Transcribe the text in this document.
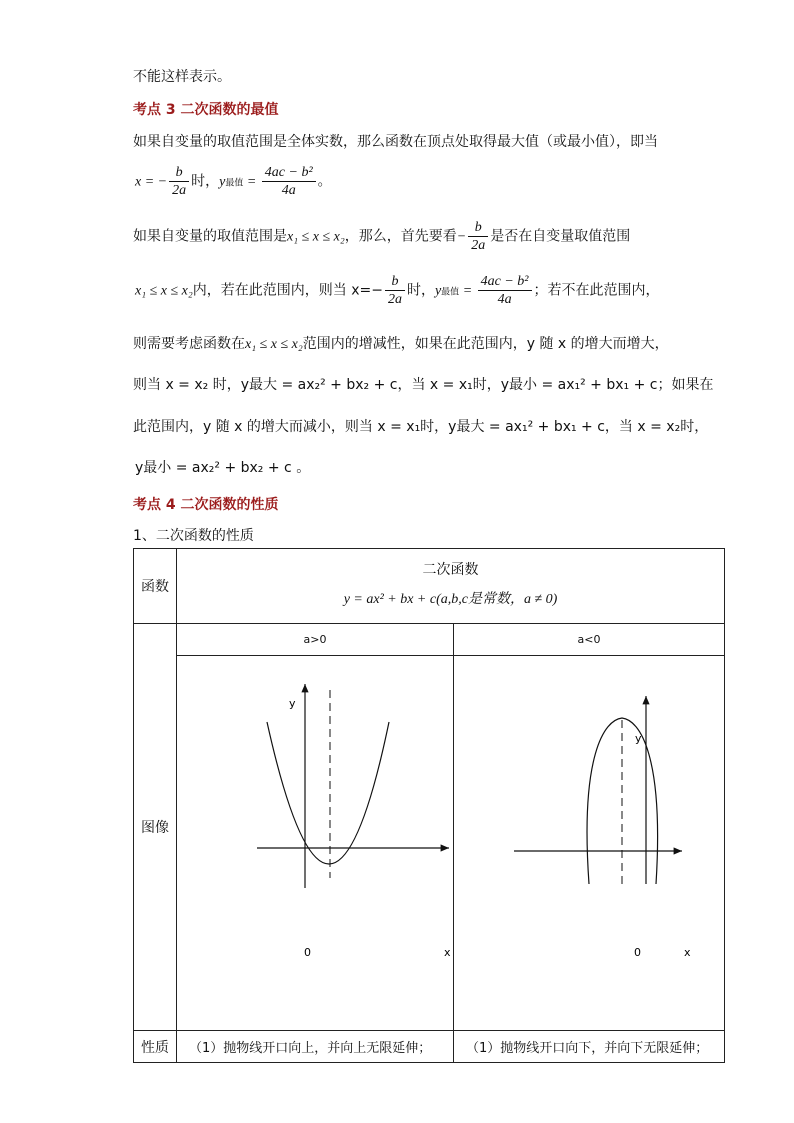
不能这样表示。
考点 3 二次函数的最值
如果自变量的取值范围是全体实数，那么函数在顶点处取得最大值（或最小值），即当
x = − $\frac{b}{2a}$ 时，y最值 = $\frac{\text{4ac − b²}}{4a}$ 。
如果自变量的取值范围是x₁ ≤ x ≤ x₂，那么，首先要看− $\frac{b}{2a}$ 是否在自变量取值范围
x₁ ≤ x ≤ x₂内，若在此范围内，则当 $x=- \frac{b}{2a}$ 时，y最值 = $\frac{\text{4ac − b²}}{4a}$ ；若不在此范围内，
则需要考虑函数在x₁ ≤ x ≤ x₂范围内的增减性，如果在此范围内，y 随 x 的增大而增大，
则当 x = x₂ 时，y最大 = ax₂² + bx₂ + c，当 x = x₁时，y最小 = ax₁² + bx₁ + c；如果在
此范围内，y 随 x 的增大而减小，则当 x = x₁时，y最大 = ax₁² + bx₁ + c，当 x = x₂时，
y最小 = ax₂² + bx₂ + c 。
考点 4 二次函数的性质
1、二次函数的性质
函数	二次函数
y = ax² + bx + c(a,b,c是常数，a ≠ 0)	

图像	a>0	a<0

y
0 x	y
0 x

性质	（1）抛物线开口向上，并向上无限延伸；	（1）抛物线开口向下，并向下无限延伸；
